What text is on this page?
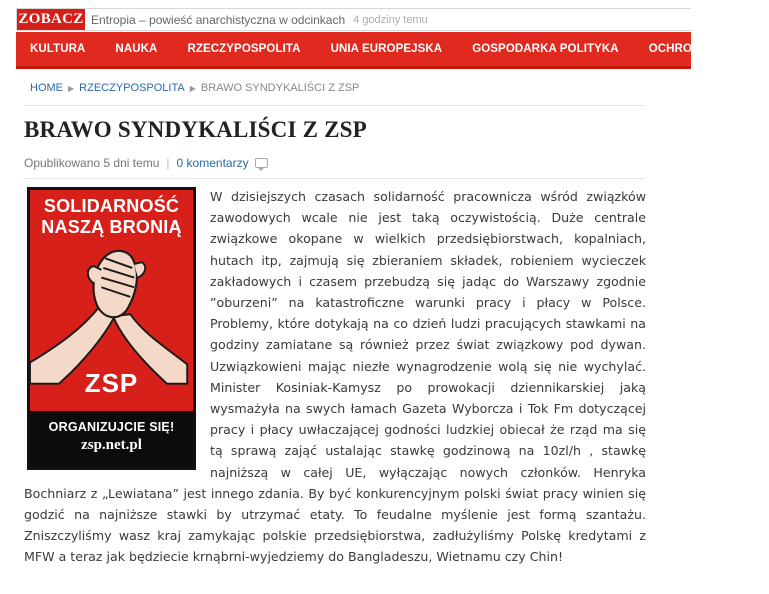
ZOBACZ Entropia – powieść anarchistyczna w odcinkach 4 godziny temu
KULTURA	NAUKA	RZECZYPOSPOLITA	UNIA EUROPEJSKA	GOSPODARKA POLITYKA	OCHRONA ŚRODO
HOME ▶ RZECZYPOSPOLITA ▶ BRAWO SYNDYKALIŚCI Z ZSP
BRAWO SYNDYKALIŚCI Z ZSP
Opublikowano 5 dni temu | 0 komentarzy
SOLIDARNOŚĆ
NASZĄ BRONIĄ
ZSP
ORGANIZUJCIE SIĘ!
zsp.net.pl
W dzisiejszych czasach solidarność pracownicza wśród związków zawodowych wcale nie jest taką oczywistością. Duże centrale związkowe okopane w wielkich przedsiębiorstwach, kopalniach, hutach itp, zajmują się zbieraniem składek, robieniem wycieczek zakładowych i czasem przebudzą się jadąc do Warszawy zgodnie ”oburzeni” na katastroficzne warunki pracy i płacy w Polsce. Problemy, które dotykają na co dzień ludzi pracujących stawkami na godziny zamiatane są również przez świat związkowy pod dywan. Uzwiązkowieni mając niezłe wynagrodzenie wolą się nie wychylać. Minister Kosiniak-Kamysz po prowokacji dziennikarskiej jaką wysmażyła na swych łamach Gazeta Wyborcza i Tok Fm dotyczącej pracy i płacy uwłaczającej godności ludzkiej obiecał że rząd ma się tą sprawą zająć ustalając stawkę godzinową na 10zl/h , stawkę najniższą w całej UE, wyłączając nowych członków. Henryka Bochniarz z „Lewiatana” jest innego zdania. By być konkurencyjnym polski świat pracy winien się godzić na najniższe stawki by utrzymać etaty. To feudalne myślenie jest formą szantażu. Zniszczyliśmy wasz kraj zamykając polskie przedsiębiorstwa, zadłużyliśmy Polskę kredytami z MFW a teraz jak będziecie krnąbrni-wyjedziemy do Bangladeszu, Wietnamu czy Chin!
